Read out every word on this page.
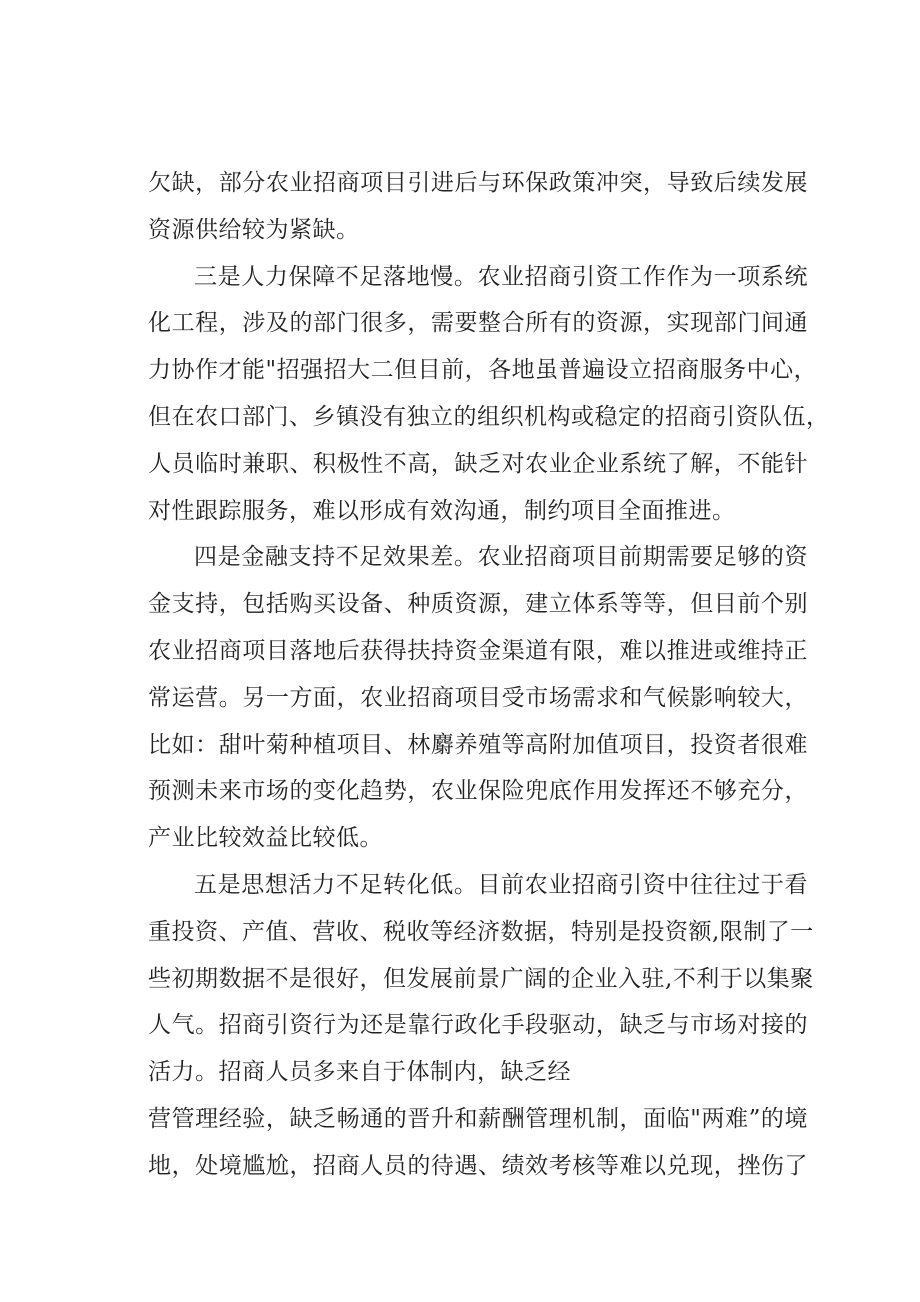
欠缺，部分农业招商项目引进后与环保政策冲突，导致后续发展
资源供给较为紧缺。
三是人力保障不足落地慢。农业招商引资工作作为一项系统
化工程，涉及的部门很多，需要整合所有的资源，实现部门间通
力协作才能"招强招大二但目前，各地虽普遍设立招商服务中心，
但在农口部门、乡镇没有独立的组织机构或稳定的招商引资队伍，
人员临时兼职、积极性不高，缺乏对农业企业系统了解，不能针
对性跟踪服务，难以形成有效沟通，制约项目全面推进。
四是金融支持不足效果差。农业招商项目前期需要足够的资
金支持，包括购买设备、种质资源，建立体系等等，但目前个别
农业招商项目落地后获得扶持资金渠道有限，难以推进或维持正
常运营。另一方面，农业招商项目受市场需求和气候影响较大，
比如：甜叶菊种植项目、林麝养殖等高附加值项目，投资者很难
预测未来市场的变化趋势，农业保险兜底作用发挥还不够充分，
产业比较效益比较低。
五是思想活力不足转化低。目前农业招商引资中往往过于看
重投资、产值、营收、税收等经济数据，特别是投资额,限制了一
些初期数据不是很好，但发展前景广阔的企业入驻,不利于以集聚
人气。招商引资行为还是靠行政化手段驱动，缺乏与市场对接的
活力。招商人员多来自于体制内，缺乏经
营管理经验，缺乏畅通的晋升和薪酬管理机制，面临"两难”的境
地，处境尴尬，招商人员的待遇、绩效考核等难以兑现，挫伤了
